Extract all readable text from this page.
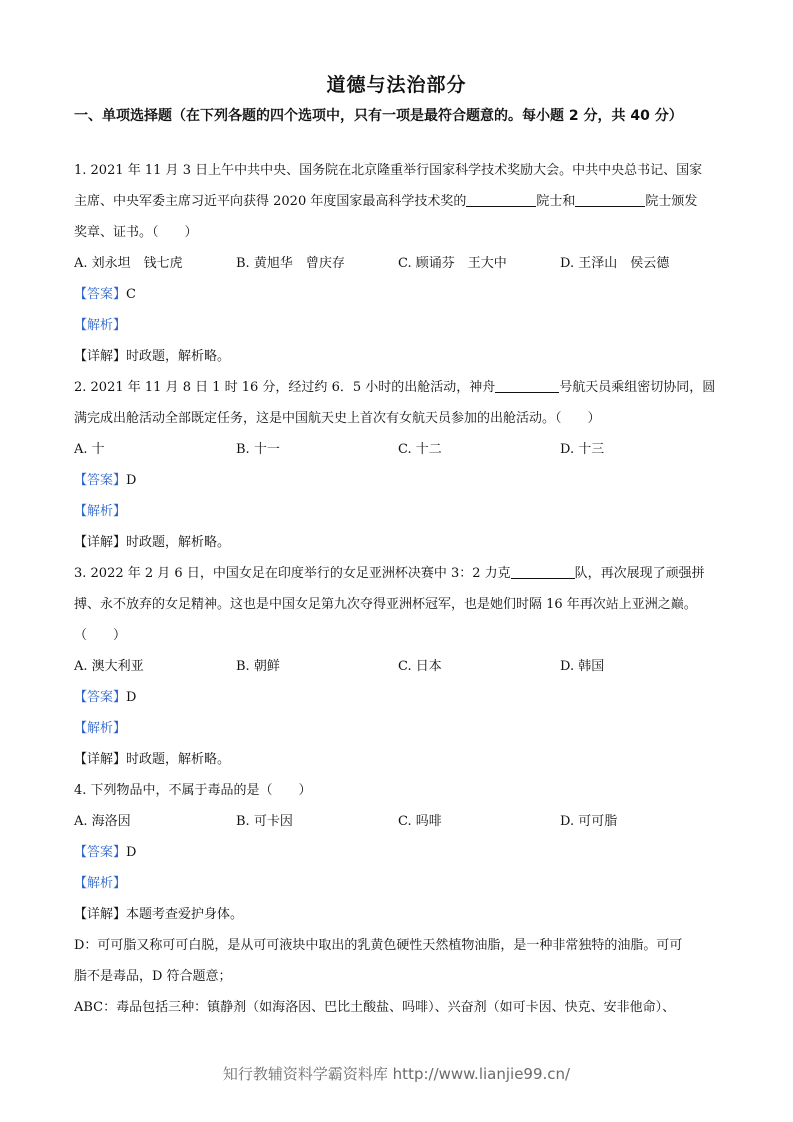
道德与法治部分
一、单项选择题（在下列各题的四个选项中，只有一项是最符合题意的。每小题 2 分，共 40 分）
1. 2021 年 11 月 3 日上午中共中央、国务院在北京隆重举行国家科学技术奖励大会。中共中央总书记、国家
主席、中央军委主席习近平向获得 2020 年度国家最高科学技术奖的	院士和	院士颁发
奖章、证书。（　　）
A. 刘永坦　钱七虎	B. 黄旭华　曾庆存	C. 顾诵芬　王大中	D. 王泽山　侯云德
【答案】C
【解析】
【详解】时政题，解析略。
2. 2021 年 11 月 8 日 1 时 16 分，经过约 6．5 小时的出舱活动，神舟	号航天员乘组密切协同，圆
满完成出舱活动全部既定任务，这是中国航天史上首次有女航天员参加的出舱活动。（　　）
A. 十	B. 十一	C. 十二	D. 十三
【答案】D
【解析】
【详解】时政题，解析略。
3. 2022 年 2 月 6 日，中国女足在印度举行的女足亚洲杯决赛中 3：2 力克	队，再次展现了顽强拼
搏、永不放弃的女足精神。这也是中国女足第九次夺得亚洲杯冠军，也是她们时隔 16 年再次站上亚洲之巅。
（　　）
A. 澳大利亚	B. 朝鲜	C. 日本	D. 韩国
【答案】D
【解析】
【详解】时政题，解析略。
4. 下列物品中，不属于毒品的是（　　）
A. 海洛因	B. 可卡因	C. 吗啡	D. 可可脂
【答案】D
【解析】
【详解】本题考查爱护身体。
D：可可脂又称可可白脱，是从可可液块中取出的乳黄色硬性天然植物油脂，是一种非常独特的油脂。可可
脂不是毒品，D 符合题意；
ABC：毒品包括三种：镇静剂（如海洛因、巴比土酸盐、吗啡）、兴奋剂（如可卡因、快克、安非他命）、
知行教辅资料学霸资料库 http://www.lianjie99.cn/
